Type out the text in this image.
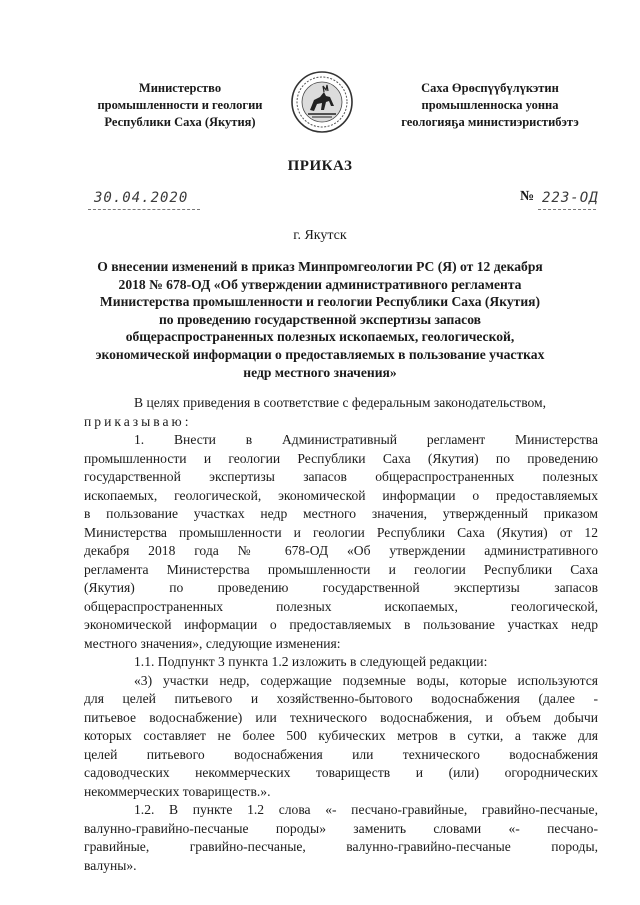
Министерство
промышленности и геологии
Республики Саха (Якутия)
Саха Өрөспүүбүлүкэтин
промышленноска уонна
геологияҕа министиэристибэтэ
ПРИКАЗ
30.04.2020	№ 223-ОД
г. Якутск
О внесении изменений в приказ Минпромгеологии РС (Я) от 12 декабря
2018 № 678-ОД «Об утверждении административного регламента
Министерства промышленности и геологии Республики Саха (Якутия)
по проведению государственной экспертизы запасов
общераспространенных полезных ископаемых, геологической,
экономической информации о предоставляемых в пользование участках
недр местного значения»
В целях приведения в соответствие с федеральным законодательством,
приказываю:
1. Внести в Административный регламент Министерства
промышленности и геологии Республики Саха (Якутия) по проведению
государственной экспертизы запасов общераспространенных полезных
ископаемых, геологической, экономической информации о предоставляемых
в пользование участках недр местного значения, утвержденный приказом
Министерства промышленности и геологии Республики Саха (Якутия) от 12
декабря 2018 года № 678-ОД «Об утверждении административного
регламента Министерства промышленности и геологии Республики Саха
(Якутия) по проведению государственной экспертизы запасов
общераспространенных полезных ископаемых, геологической,
экономической информации о предоставляемых в пользование участках недр
местного значения», следующие изменения:
1.1. Подпункт 3 пункта 1.2 изложить в следующей редакции:
«3) участки недр, содержащие подземные воды, которые используются
для целей питьевого и хозяйственно-бытового водоснабжения (далее -
питьевое водоснабжение) или технического водоснабжения, и объем добычи
которых составляет не более 500 кубических метров в сутки, а также для
целей питьевого водоснабжения или технического водоснабжения
садоводческих некоммерческих товариществ и (или) огороднических
некоммерческих товариществ.».
1.2. В пункте 1.2 слова «- песчано-гравийные, гравийно-песчаные,
валунно-гравийно-песчаные породы» заменить словами «- песчано-
гравийные, гравийно-песчаные, валунно-гравийно-песчаные породы,
валуны».
